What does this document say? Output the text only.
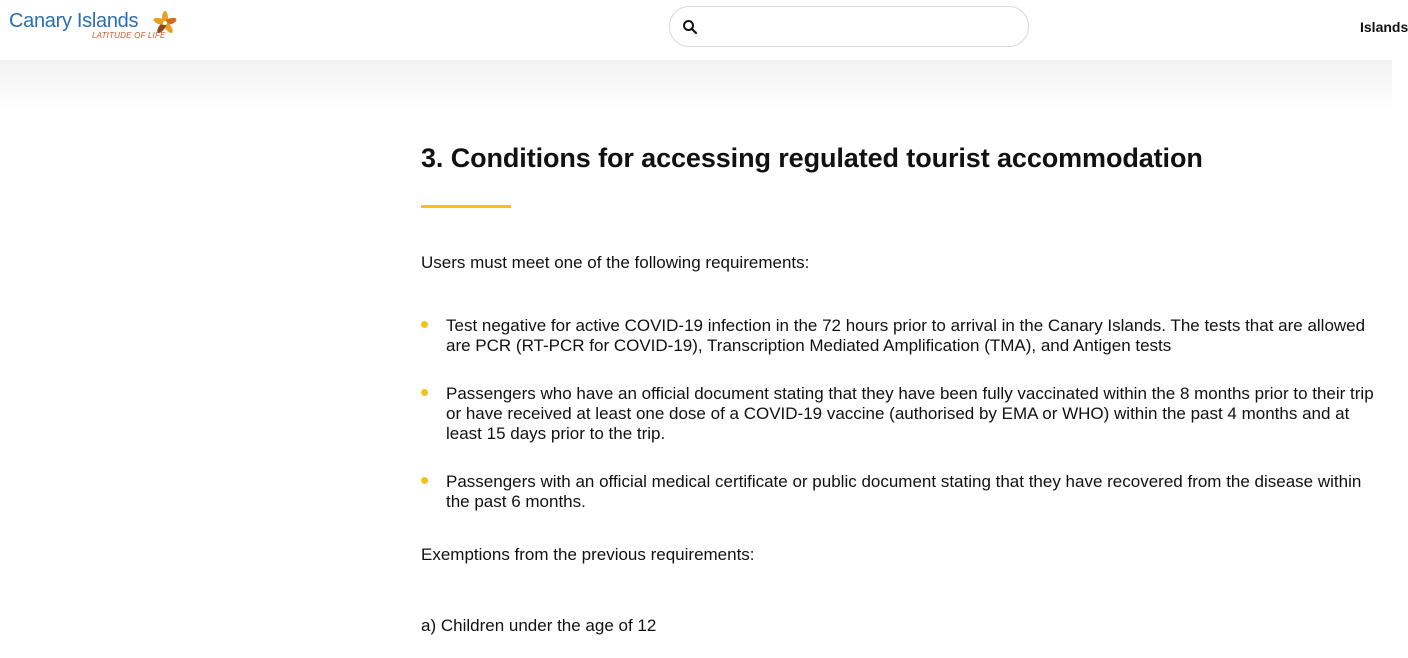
Canary Islands
LATITUDE OF LIFE
Islands
3. Conditions for accessing regulated tourist accommodation

Users must meet one of the following requirements:

Test negative for active COVID-19 infection in the 72 hours prior to arrival in the Canary Islands. The tests that are allowed are PCR (RT-PCR for COVID-19), Transcription Mediated Amplification (TMA), and Antigen tests
Passengers who have an official document stating that they have been fully vaccinated within the 8 months prior to their trip or have received at least one dose of a COVID-19 vaccine (authorised by EMA or WHO) within the past 4 months and at least 15 days prior to the trip.
Passengers with an official medical certificate or public document stating that they have recovered from the disease within the past 6 months.

Exemptions from the previous requirements:

a) Children under the age of 12
